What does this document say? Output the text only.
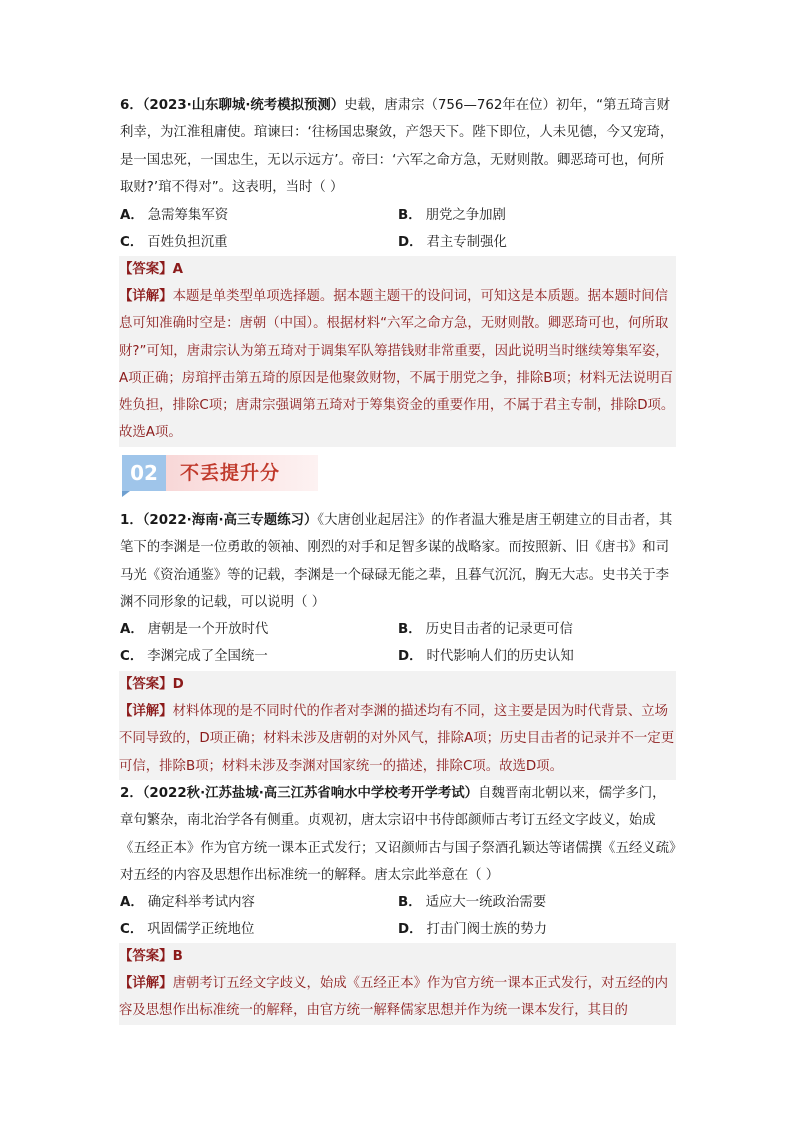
6．（2023·山东聊城·统考模拟预测）史载，唐肃宗（756—762年在位）初年，“第五琦言财利幸，为江淮租庸使。琯谏曰：‘往杨国忠聚敛，产怨天下。陛下即位，人未见德，今又宠琦，是一国忠死，一国忠生，无以示远方’。帝曰：‘六军之命方急，无财则散。卿恶琦可也，何所取财?’琯不得对”。这表明，当时（ ）
A． 急需筹集军资	B． 朋党之争加剧
C． 百姓负担沉重	D． 君主专制强化
【答案】A
【详解】本题是单类型单项选择题。据本题主题干的设问词，可知这是本质题。据本题时间信息可知准确时空是：唐朝（中国）。根据材料“六军之命方急，无财则散。卿恶琦可也，何所取财?”可知，唐肃宗认为第五琦对于调集军队筹措钱财非常重要，因此说明当时继续筹集军姿，A项正确；房琯抨击第五琦的原因是他聚敛财物，不属于朋党之争，排除B项；材料无法说明百姓负担，排除C项；唐肃宗强调第五琦对于筹集资金的重要作用，不属于君主专制，排除D项。故选A项。
02	不丢提升分
1．（2022·海南·高三专题练习）《大唐创业起居注》的作者温大雅是唐王朝建立的目击者，其笔下的李渊是一位勇敢的领袖、刚烈的对手和足智多谋的战略家。而按照新、旧《唐书》和司马光《资治通鉴》等的记载，李渊是一个碌碌无能之辈，且暮气沉沉，胸无大志。史书关于李渊不同形象的记载，可以说明（ ）
A． 唐朝是一个开放时代	B． 历史目击者的记录更可信
C． 李渊完成了全国统一	D． 时代影响人们的历史认知
【答案】D
【详解】材料体现的是不同时代的作者对李渊的描述均有不同，这主要是因为时代背景、立场不同导致的，D项正确；材料未涉及唐朝的对外风气，排除A项；历史目击者的记录并不一定更可信，排除B项；材料未涉及李渊对国家统一的描述，排除C项。故选D项。
2．（2022秋·江苏盐城·高三江苏省响水中学校考开学考试）自魏晋南北朝以来，儒学多门，章句繁杂，南北治学各有侧重。贞观初，唐太宗诏中书侍郎颜师古考订五经文字歧义，始成《五经正本》作为官方统一课本正式发行；又诏颜师古与国子祭酒孔颖达等诸儒撰《五经义疏》对五经的内容及思想作出标准统一的解释。唐太宗此举意在（ ）
A． 确定科举考试内容	B． 适应大一统政治需要
C． 巩固儒学正统地位	D． 打击门阀士族的势力
【答案】B
【详解】唐朝考订五经文字歧义，始成《五经正本》作为官方统一课本正式发行，对五经的内容及思想作出标准统一的解释，由官方统一解释儒家思想并作为统一课本发行，其目的
